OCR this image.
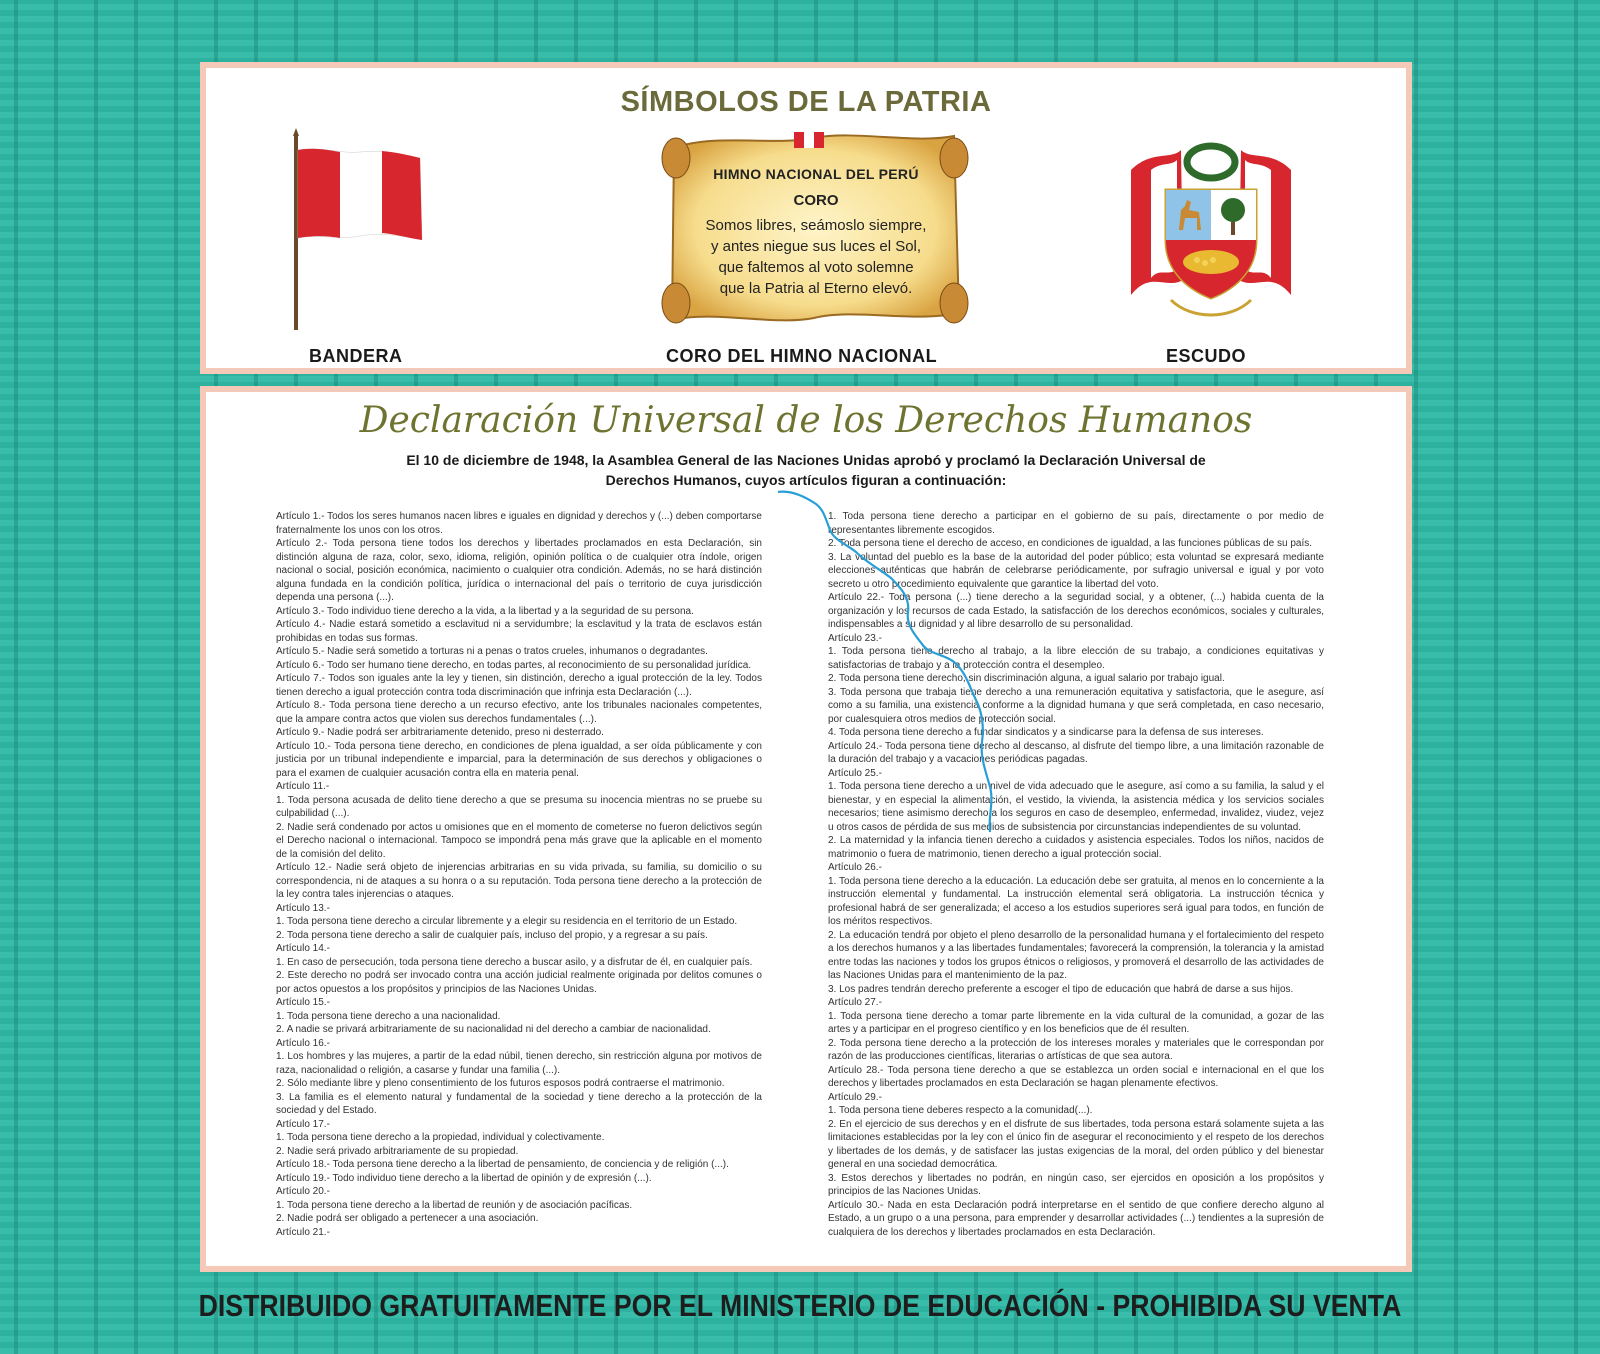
SÍMBOLOS DE LA PATRIA
BANDERA
HIMNO NACIONAL DEL PERÚ
CORO
Somos libres, seámoslo siempre,
y antes niegue sus luces el Sol,
que faltemos al voto solemne
que la Patria al Eterno elevó.
CORO DEL HIMNO NACIONAL	ESCUDO
Declaración Universal de los Derechos Humanos
El 10 de diciembre de 1948, la Asamblea General de las Naciones Unidas aprobó y proclamó la Declaración Universal de Derechos Humanos, cuyos artículos figuran a continuación:

Artículo 1.- Todos los seres humanos nacen libres e iguales en dignidad y derechos y (...) deben comportarse fraternalmente los unos con los otros.

Artículo 2.- Toda persona tiene todos los derechos y libertades proclamados en esta Declaración, sin distinción alguna de raza, color, sexo, idioma, religión, opinión política o de cualquier otra índole, origen nacional o social, posición económica, nacimiento o cualquier otra condición. Además, no se hará distinción alguna fundada en la condición política, jurídica o internacional del país o territorio de cuya jurisdicción dependa una persona (...).

Artículo 3.- Todo individuo tiene derecho a la vida, a la libertad y a la seguridad de su persona.

Artículo 4.- Nadie estará sometido a esclavitud ni a servidumbre; la esclavitud y la trata de esclavos están prohibidas en todas sus formas.

Artículo 5.- Nadie será sometido a torturas ni a penas o tratos crueles, inhumanos o degradantes.

Artículo 6.- Todo ser humano tiene derecho, en todas partes, al reconocimiento de su personalidad jurídica.

Artículo 7.- Todos son iguales ante la ley y tienen, sin distinción, derecho a igual protección de la ley. Todos tienen derecho a igual protección contra toda discriminación que infrinja esta Declaración (...).

Artículo 8.- Toda persona tiene derecho a un recurso efectivo, ante los tribunales nacionales competentes, que la ampare contra actos que violen sus derechos fundamentales (...).

Artículo 9.- Nadie podrá ser arbitrariamente detenido, preso ni desterrado.

Artículo 10.- Toda persona tiene derecho, en condiciones de plena igualdad, a ser oída públicamente y con justicia por un tribunal independiente e imparcial, para la determinación de sus derechos y obligaciones o para el examen de cualquier acusación contra ella en materia penal.

Artículo 11.-

1. Toda persona acusada de delito tiene derecho a que se presuma su inocencia mientras no se pruebe su culpabilidad (...).

2. Nadie será condenado por actos u omisiones que en el momento de cometerse no fueron delictivos según el Derecho nacional o internacional. Tampoco se impondrá pena más grave que la aplicable en el momento de la comisión del delito.

Artículo 12.- Nadie será objeto de injerencias arbitrarias en su vida privada, su familia, su domicilio o su correspondencia, ni de ataques a su honra o a su reputación. Toda persona tiene derecho a la protección de la ley contra tales injerencias o ataques.

Artículo 13.-

1. Toda persona tiene derecho a circular libremente y a elegir su residencia en el territorio de un Estado.

2. Toda persona tiene derecho a salir de cualquier país, incluso del propio, y a regresar a su país.

Artículo 14.-

1. En caso de persecución, toda persona tiene derecho a buscar asilo, y a disfrutar de él, en cualquier país.

2. Este derecho no podrá ser invocado contra una acción judicial realmente originada por delitos comunes o por actos opuestos a los propósitos y principios de las Naciones Unidas.

Artículo 15.-

1. Toda persona tiene derecho a una nacionalidad.

2. A nadie se privará arbitrariamente de su nacionalidad ni del derecho a cambiar de nacionalidad.

Artículo 16.-

1. Los hombres y las mujeres, a partir de la edad núbil, tienen derecho, sin restricción alguna por motivos de raza, nacionalidad o religión, a casarse y fundar una familia (...).

2. Sólo mediante libre y pleno consentimiento de los futuros esposos podrá contraerse el matrimonio.

3. La familia es el elemento natural y fundamental de la sociedad y tiene derecho a la protección de la sociedad y del Estado.

Artículo 17.-

1. Toda persona tiene derecho a la propiedad, individual y colectivamente.

2. Nadie será privado arbitrariamente de su propiedad.

Artículo 18.- Toda persona tiene derecho a la libertad de pensamiento, de conciencia y de religión (...).

Artículo 19.- Todo individuo tiene derecho a la libertad de opinión y de expresión (...).

Artículo 20.-

1. Toda persona tiene derecho a la libertad de reunión y de asociación pacíficas.

2. Nadie podrá ser obligado a pertenecer a una asociación.

Artículo 21.-

1. Toda persona tiene derecho a participar en el gobierno de su país, directamente o por medio de representantes libremente escogidos.

2. Toda persona tiene el derecho de acceso, en condiciones de igualdad, a las funciones públicas de su país.

3. La voluntad del pueblo es la base de la autoridad del poder público; esta voluntad se expresará mediante elecciones auténticas que habrán de celebrarse periódicamente, por sufragio universal e igual y por voto secreto u otro procedimiento equivalente que garantice la libertad del voto.

Artículo 22.- Toda persona (...) tiene derecho a la seguridad social, y a obtener, (...) habida cuenta de la organización y los recursos de cada Estado, la satisfacción de los derechos económicos, sociales y culturales, indispensables a su dignidad y al libre desarrollo de su personalidad.

Artículo 23.-

1. Toda persona tiene derecho al trabajo, a la libre elección de su trabajo, a condiciones equitativas y satisfactorias de trabajo y a la protección contra el desempleo.

2. Toda persona tiene derecho, sin discriminación alguna, a igual salario por trabajo igual.

3. Toda persona que trabaja tiene derecho a una remuneración equitativa y satisfactoria, que le asegure, así como a su familia, una existencia conforme a la dignidad humana y que será completada, en caso necesario, por cualesquiera otros medios de protección social.

4. Toda persona tiene derecho a fundar sindicatos y a sindicarse para la defensa de sus intereses.

Artículo 24.- Toda persona tiene derecho al descanso, al disfrute del tiempo libre, a una limitación razonable de la duración del trabajo y a vacaciones periódicas pagadas.

Artículo 25.-

1. Toda persona tiene derecho a un nivel de vida adecuado que le asegure, así como a su familia, la salud y el bienestar, y en especial la alimentación, el vestido, la vivienda, la asistencia médica y los servicios sociales necesarios; tiene asimismo derecho a los seguros en caso de desempleo, enfermedad, invalidez, viudez, vejez u otros casos de pérdida de sus medios de subsistencia por circunstancias independientes de su voluntad.

2. La maternidad y la infancia tienen derecho a cuidados y asistencia especiales. Todos los niños, nacidos de matrimonio o fuera de matrimonio, tienen derecho a igual protección social.

Artículo 26.-

1. Toda persona tiene derecho a la educación. La educación debe ser gratuita, al menos en lo concerniente a la instrucción elemental y fundamental. La instrucción elemental será obligatoria. La instrucción técnica y profesional habrá de ser generalizada; el acceso a los estudios superiores será igual para todos, en función de los méritos respectivos.

2. La educación tendrá por objeto el pleno desarrollo de la personalidad humana y el fortalecimiento del respeto a los derechos humanos y a las libertades fundamentales; favorecerá la comprensión, la tolerancia y la amistad entre todas las naciones y todos los grupos étnicos o religiosos, y promoverá el desarrollo de las actividades de las Naciones Unidas para el mantenimiento de la paz.

3. Los padres tendrán derecho preferente a escoger el tipo de educación que habrá de darse a sus hijos.

Artículo 27.-

1. Toda persona tiene derecho a tomar parte libremente en la vida cultural de la comunidad, a gozar de las artes y a participar en el progreso científico y en los beneficios que de él resulten.

2. Toda persona tiene derecho a la protección de los intereses morales y materiales que le correspondan por razón de las producciones científicas, literarias o artísticas de que sea autora.

Artículo 28.- Toda persona tiene derecho a que se establezca un orden social e internacional en el que los derechos y libertades proclamados en esta Declaración se hagan plenamente efectivos.

Artículo 29.-

1. Toda persona tiene deberes respecto a la comunidad(...).

2. En el ejercicio de sus derechos y en el disfrute de sus libertades, toda persona estará solamente sujeta a las limitaciones establecidas por la ley con el único fin de asegurar el reconocimiento y el respeto de los derechos y libertades de los demás, y de satisfacer las justas exigencias de la moral, del orden público y del bienestar general en una sociedad democrática.

3. Estos derechos y libertades no podrán, en ningún caso, ser ejercidos en oposición a los propósitos y principios de las Naciones Unidas.

Artículo 30.- Nada en esta Declaración podrá interpretarse en el sentido de que confiere derecho alguno al Estado, a un grupo o a una persona, para emprender y desarrollar actividades (...) tendientes a la supresión de cualquiera de los derechos y libertades proclamados en esta Declaración.

DISTRIBUIDO GRATUITAMENTE POR EL MINISTERIO DE EDUCACIÓN - PROHIBIDA SU VENTA
